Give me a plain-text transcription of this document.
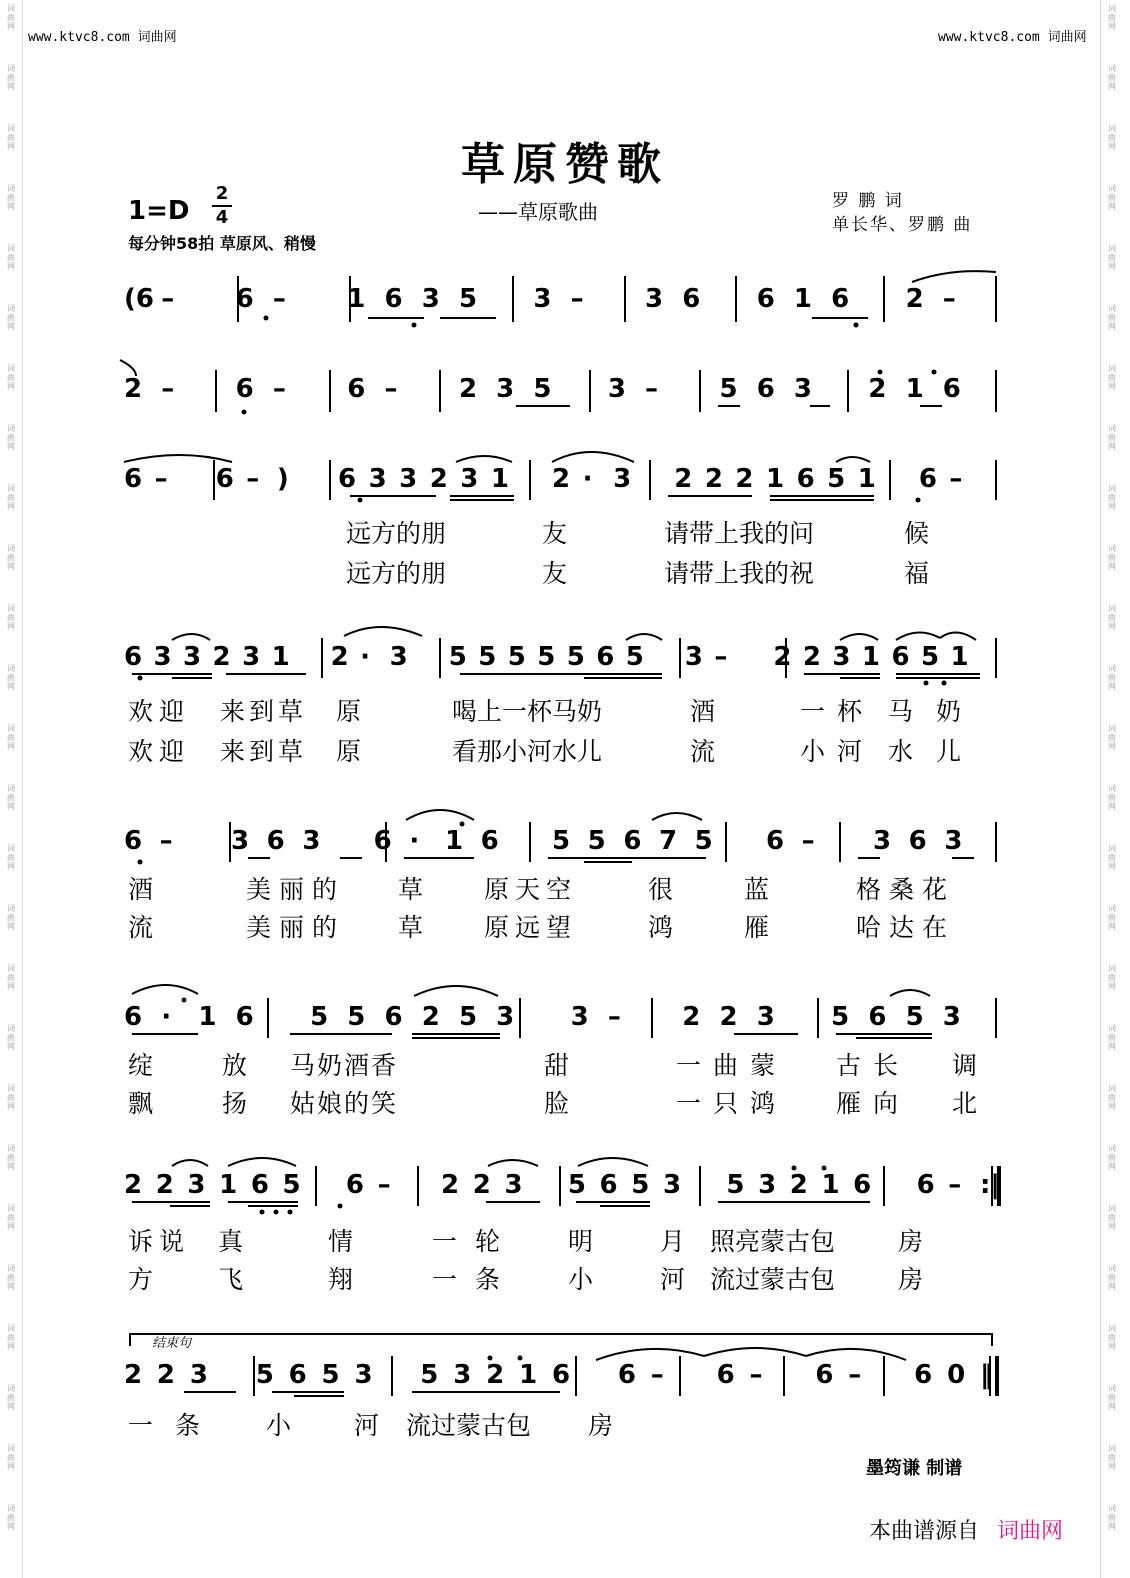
词
曲
网
词
曲
网
词
曲
网
词
曲
网
词
曲
网
词
曲
网
词
曲
网
词
曲
网
词
曲
网
词
曲
网
词
曲
网
词
曲
网
词
曲
网
词
曲
网
词
曲
网
词
曲
网
词
曲
网
词
曲
网
词
曲
网
词
曲
网
词
曲
网
词
曲
网
词
曲
网
词
曲
网
词
曲
网
词
曲
网
词
曲
网
词
曲
网
词
曲
网
词
曲
网
词
曲
网
词
曲
网
词
曲
网
词
曲
网
词
曲
网
词
曲
网
词
曲
网
词
曲
网
词
曲
网
词
曲
网
词
曲
网
词
曲
网
词
曲
网
词
曲
网
词
曲
网
词
曲
网
词
曲
网
词
曲
网
词
曲
网
词
曲
网
词
曲
网
词
曲
网
www.ktvc8.com 词曲网	www.ktvc8.com 词曲网
草原赞歌
——草原歌曲
1=D
2
4
每分钟58拍 草原风、稍慢
罗 鹏 词
单长华、罗鹏 曲
(6 – 6 – 1 6 3 5 3 – 3 6 6 1 6 2 –
2 – 6 – 6 – 2 3 5 3 – 5 6 3 2 1 6
6 – 6 – ) 6 3 3 2 3 1 2 · 3 2 2 2 1 6 5 1 6 –
6 3 3 2 3 1 2 · 3 5 5 5 5 5 6 5 3 – 2 2 3 1 6 5 1
6 – 3 6 3 6 · 1 6 5 5 6 7 5 6 – 3 6 3
6 · 1 6 5 5 6 2 5 3 3 – 2 2 3 5 6 5 3
2 2 3 1 6 5 6 – 2 2 3 5 6 5 3 5 3 2 1 6 6 – :‖
2 2 3 5 6 5 3 5 3 2 1 6 6 – 6 – 6 – 6 0 ‖
结束句
远方的朋	友	请带上我的问	候
远方的朋	友	请带上我的祝	福
欢迎 来到草 原	喝上一杯马奶	酒	一杯 马 奶
欢迎 来到草 原	看那小河水儿	流	小河 水 儿
酒	美丽的 草 原天空	很	蓝	格桑花
流	美丽的 草 原远望	鸿	雁	哈达在
绽	放 马奶酒香	甜	一曲蒙 古长 调
飘	扬 姑娘的笑	脸	一只鸿 雁向 北
诉说 真	情	一轮 明	月 照亮蒙古包	房
方	飞	翔	一条 小	河 流过蒙古包	房
一条 小	河 流过蒙古包 房
墨筠谦 制谱
本曲谱源自 词曲网
